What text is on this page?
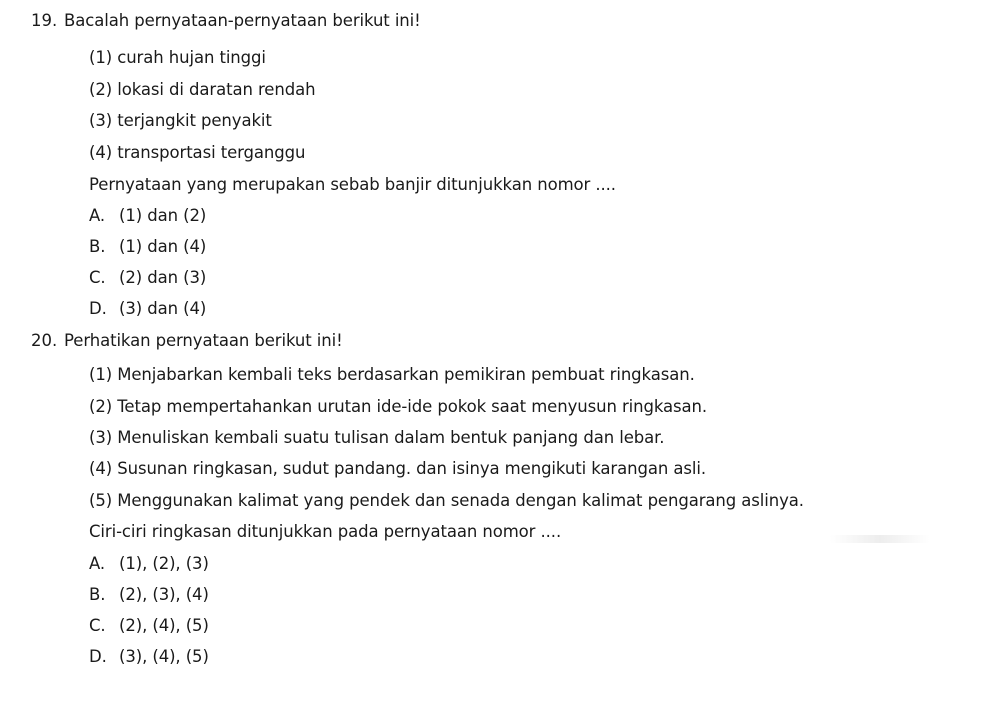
19. Bacalah pernyataan-pernyataan berikut ini!
(1) curah hujan tinggi
(2) lokasi di daratan rendah
(3) terjangkit penyakit
(4) transportasi terganggu
Pernyataan yang merupakan sebab banjir ditunjukkan nomor ....
A. (1) dan (2)
B. (1) dan (4)
C. (2) dan (3)
D. (3) dan (4)
20. Perhatikan pernyataan berikut ini!
(1) Menjabarkan kembali teks berdasarkan pemikiran pembuat ringkasan.
(2) Tetap mempertahankan urutan ide-ide pokok saat menyusun ringkasan.
(3) Menuliskan kembali suatu tulisan dalam bentuk panjang dan lebar.
(4) Susunan ringkasan, sudut pandang. dan isinya mengikuti karangan asli.
(5) Menggunakan kalimat yang pendek dan senada dengan kalimat pengarang aslinya.
Ciri-ciri ringkasan ditunjukkan pada pernyataan nomor ....
A. (1), (2), (3)
B. (2), (3), (4)
C. (2), (4), (5)
D. (3), (4), (5)
